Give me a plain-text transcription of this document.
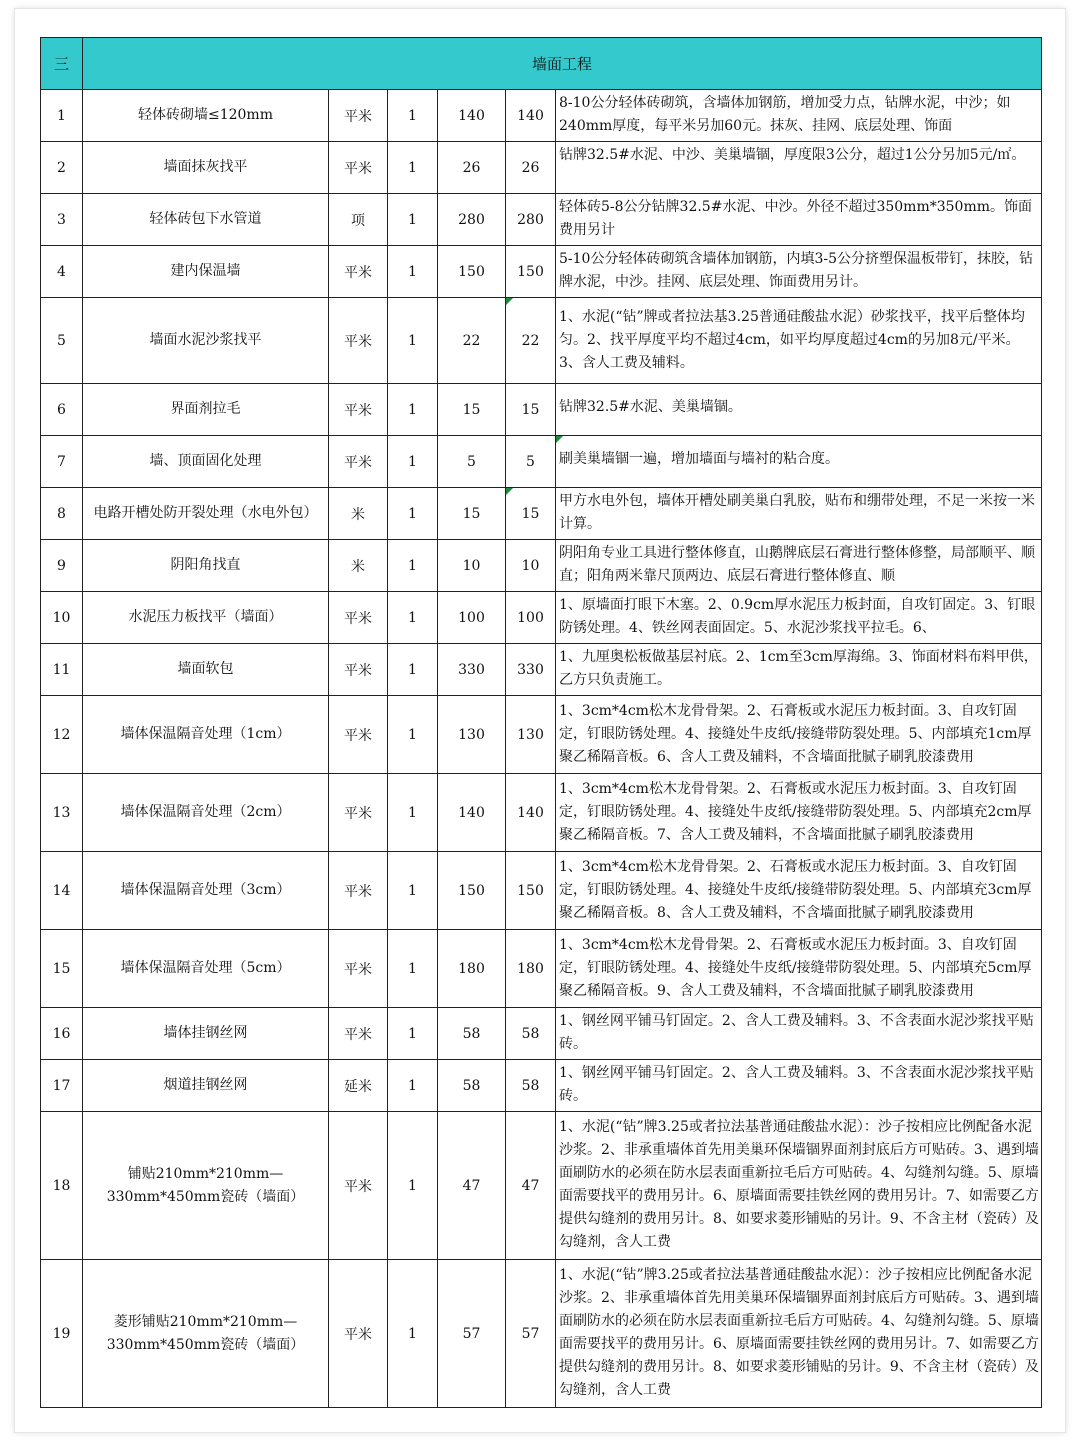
三	墙面工程					
1	轻体砖砌墙≤120mm	平米	1	140	140	8-10公分轻体砖砌筑，含墙体加钢筋，增加受力点，钻牌水泥，中沙；如240mm厚度，每平米另加60元。抹灰、挂网、底层处理、饰面

2	墙面抹灰找平	平米	1	26	26	钻牌32.5#水泥、中沙、美巢墙锢，厚度限3公分，超过1公分另加5元/㎡。

3	轻体砖包下水管道	项	1	280	280	轻体砖5-8公分钻牌32.5#水泥、中沙。外径不超过350mm*350mm。饰面费用另计

4	建内保温墙	平米	1	150	150	5-10公分轻体砖砌筑含墙体加钢筋，内填3-5公分挤塑保温板带钉，抹胶，钻牌水泥，中沙。挂网、底层处理、饰面费用另计。

5	墙面水泥沙浆找平	平米	1	22	22	1、水泥(“钻”牌或者拉法基3.25普通硅酸盐水泥）砂浆找平，找平后整体均匀。2、找平厚度平均不超过4cm，如平均厚度超过4cm的另加8元/平米。3、含人工费及辅料。

6	界面剂拉毛	平米	1	15	15	钻牌32.5#水泥、美巢墙锢。

7	墙、顶面固化处理	平米	1	5	5	刷美巢墙锢一遍，增加墙面与墙衬的粘合度。

8	电路开槽处防开裂处理（水电外包）	米	1	15	15	甲方水电外包，墙体开槽处刷美巢白乳胶，贴布和绷带处理，不足一米按一米计算。

9	阴阳角找直	米	1	10	10	阴阳角专业工具进行整体修直，山鹅牌底层石膏进行整体修整，局部顺平、顺直；阳角两米靠尺顶两边、底层石膏进行整体修直、顺

10	水泥压力板找平（墙面）	平米	1	100	100	1、原墙面打眼下木塞。2、0.9cm厚水泥压力板封面，自攻钉固定。3、钉眼防锈处理。4、铁丝网表面固定。5、水泥沙浆找平拉毛。6、

11	墙面软包	平米	1	330	330	1、九厘奥松板做基层衬底。2、1cm至3cm厚海绵。3、饰面材料布料甲供，乙方只负责施工。

12	墙体保温隔音处理（1cm）	平米	1	130	130	1、3cm*4cm松木龙骨骨架。2、石膏板或水泥压力板封面。3、自攻钉固定，钉眼防锈处理。4、接缝处牛皮纸/接缝带防裂处理。5、内部填充1cm厚聚乙稀隔音板。6、含人工费及辅料，不含墙面批腻子刷乳胶漆费用

13	墙体保温隔音处理（2cm）	平米	1	140	140	1、3cm*4cm松木龙骨骨架。2、石膏板或水泥压力板封面。3、自攻钉固定，钉眼防锈处理。4、接缝处牛皮纸/接缝带防裂处理。5、内部填充2cm厚聚乙稀隔音板。7、含人工费及辅料，不含墙面批腻子刷乳胶漆费用

14	墙体保温隔音处理（3cm）	平米	1	150	150	1、3cm*4cm松木龙骨骨架。2、石膏板或水泥压力板封面。3、自攻钉固定，钉眼防锈处理。4、接缝处牛皮纸/接缝带防裂处理。5、内部填充3cm厚聚乙稀隔音板。8、含人工费及辅料，不含墙面批腻子刷乳胶漆费用

15	墙体保温隔音处理（5cm）	平米	1	180	180	1、3cm*4cm松木龙骨骨架。2、石膏板或水泥压力板封面。3、自攻钉固定，钉眼防锈处理。4、接缝处牛皮纸/接缝带防裂处理。5、内部填充5cm厚聚乙稀隔音板。9、含人工费及辅料，不含墙面批腻子刷乳胶漆费用

16	墙体挂钢丝网	平米	1	58	58	1、钢丝网平铺马钉固定。2、含人工费及辅料。3、不含表面水泥沙浆找平贴砖。

17	烟道挂钢丝网	延米	1	58	58	1、钢丝网平铺马钉固定。2、含人工费及辅料。3、不含表面水泥沙浆找平贴砖。

18	铺贴210mm*210mm—330mm*450mm瓷砖（墙面）	平米	1	47	47	1、水泥(“钻”牌3.25或者拉法基普通硅酸盐水泥）：沙子按相应比例配备水泥沙浆。2、非承重墙体首先用美巢环保墙锢界面剂封底后方可贴砖。3、遇到墙面刷防水的必须在防水层表面重新拉毛后方可贴砖。4、勾缝剂勾缝。5、原墙面需要找平的费用另计。6、原墙面需要挂铁丝网的费用另计。7、如需要乙方提供勾缝剂的费用另计。8、如要求菱形铺贴的另计。9、不含主材（瓷砖）及勾缝剂，含人工费

19	菱形铺贴210mm*210mm—330mm*450mm瓷砖（墙面）	平米	1	57	57	1、水泥(“钻”牌3.25或者拉法基普通硅酸盐水泥）：沙子按相应比例配备水泥沙浆。2、非承重墙体首先用美巢环保墙锢界面剂封底后方可贴砖。3、遇到墙面刷防水的必须在防水层表面重新拉毛后方可贴砖。4、勾缝剂勾缝。5、原墙面需要找平的费用另计。6、原墙面需要挂铁丝网的费用另计。7、如需要乙方提供勾缝剂的费用另计。8、如要求菱形铺贴的另计。9、不含主材（瓷砖）及勾缝剂，含人工费
